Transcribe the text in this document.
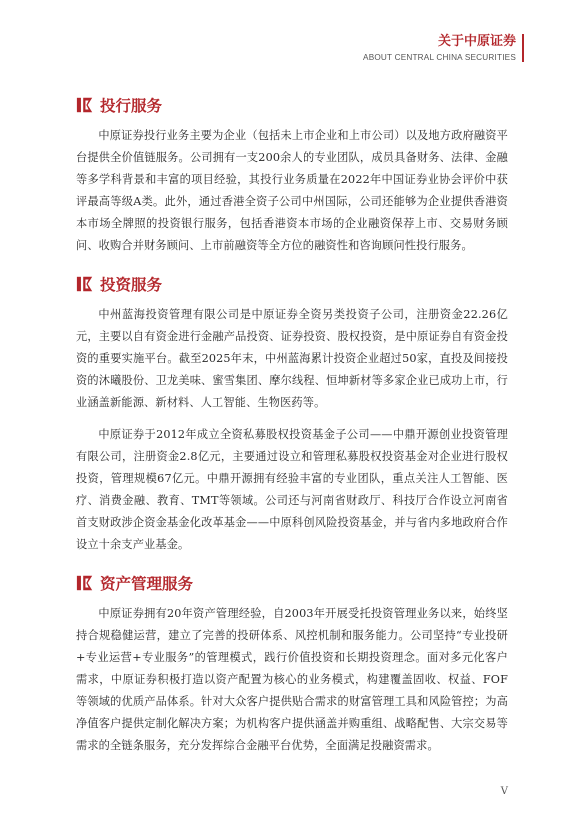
关于中原证券
ABOUT CENTRAL CHINA SECURITIES
投行服务

中原证券投行业务主要为企业（包括未上市企业和上市公司）以及地方政府融资平台提供全价值链服务。公司拥有一支200余人的专业团队，成员具备财务、法律、金融等多学科背景和丰富的项目经验，其投行业务质量在2022年中国证券业协会评价中获评最高等级A类。此外，通过香港全资子公司中州国际，公司还能够为企业提供香港资本市场全牌照的投资银行服务，包括香港资本市场的企业融资保荐上市、交易财务顾问、收购合并财务顾问、上市前融资等全方位的融资性和咨询顾问性投行服务。

投资服务

中州蓝海投资管理有限公司是中原证券全资另类投资子公司，注册资金22.26亿元，主要以自有资金进行金融产品投资、证券投资、股权投资，是中原证券自有资金投资的重要实施平台。截至2025年末，中州蓝海累计投资企业超过50家，直投及间接投资的沐曦股份、卫龙美味、蜜雪集团、摩尔线程、恒坤新材等多家企业已成功上市，行业涵盖新能源、新材料、人工智能、生物医药等。

中原证券于2012年成立全资私募股权投资基金子公司——中鼎开源创业投资管理有限公司，注册资金2.8亿元，主要通过设立和管理私募股权投资基金对企业进行股权投资，管理规模67亿元。中鼎开源拥有经验丰富的专业团队，重点关注人工智能、医疗、消费金融、教育、TMT等领域。公司还与河南省财政厅、科技厅合作设立河南省首支财政涉企资金基金化改革基金——中原科创风险投资基金，并与省内多地政府合作设立十余支产业基金。

资产管理服务

中原证券拥有20年资产管理经验，自2003年开展受托投资管理业务以来，始终坚持合规稳健运营，建立了完善的投研体系、风控机制和服务能力。公司坚持“专业投研+专业运营+专业服务”的管理模式，践行价值投资和长期投资理念。面对多元化客户需求，中原证券积极打造以资产配置为核心的业务模式，构建覆盖固收、权益、FOF等领域的优质产品体系。针对大众客户提供贴合需求的财富管理工具和风险管控；为高净值客户提供定制化解决方案；为机构客户提供涵盖并购重组、战略配售、大宗交易等需求的全链条服务，充分发挥综合金融平台优势，全面满足投融资需求。

V
